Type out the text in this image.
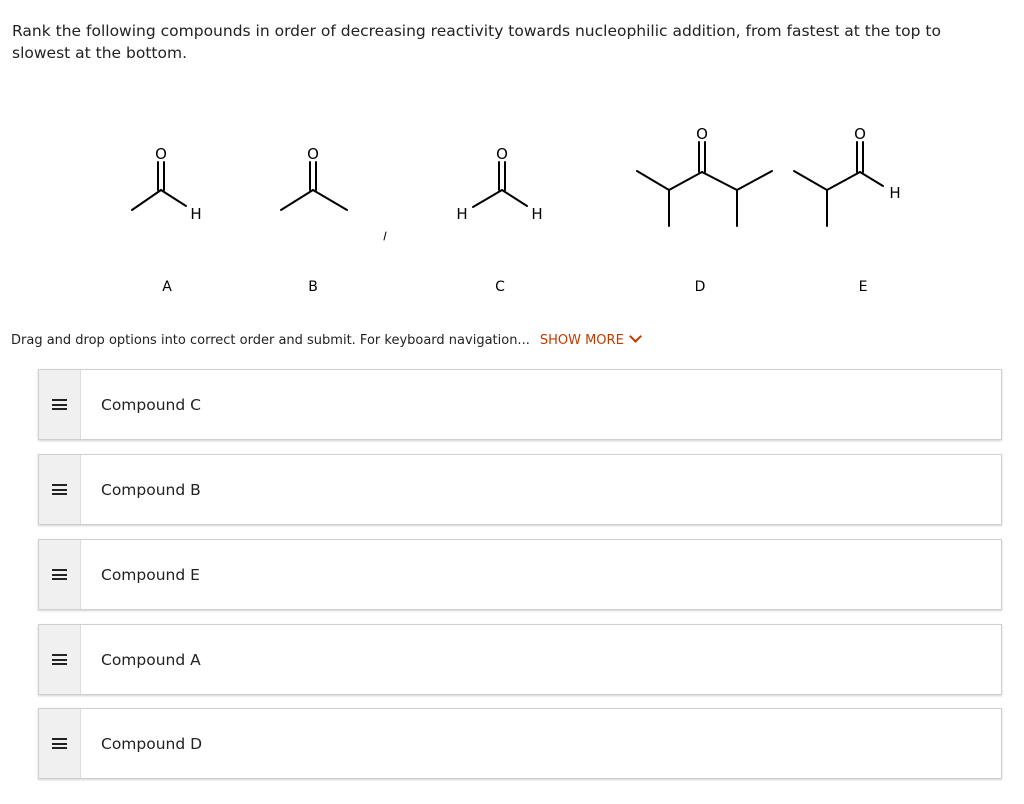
Rank the following compounds in order of decreasing reactivity towards nucleophilic addition, from fastest at the top to slowest at the bottom.
O
H
O	O
H	H
O	O
H
A	B	C	D	E
Drag and drop options into correct order and submit. For keyboard navigation... SHOW MORE
Compound C
Compound B
Compound E
Compound A
Compound D
